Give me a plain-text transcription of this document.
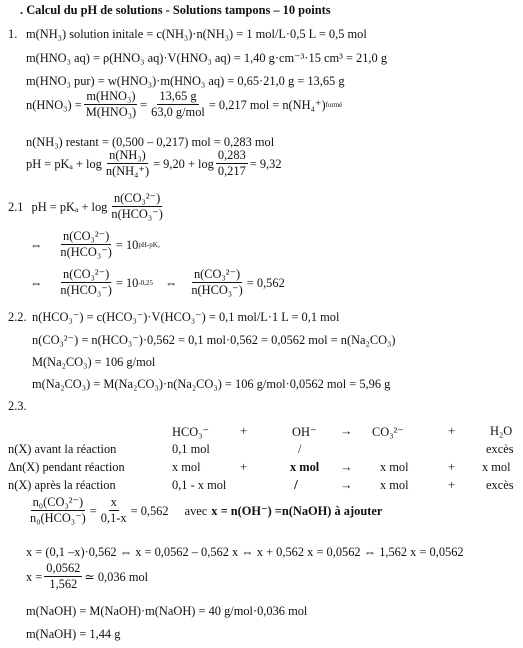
. Calcul du pH de solutions - Solutions tampons – 10 points
1. m(NH₃) solution initale = c(NH₃)·n(NH₃) = 1 mol/L·0,5 L = 0,5 mol
m(HNO₃ aq) = ρ(HNO₃ aq)·V(HNO₃ aq) = 1,40 g·cm⁻³·15 cm³ = 21,0 g
m(HNO₃ pur) = w(HNO₃)·m(HNO₃ aq) = 0,65·21,0 g = 13,65 g
n(HNO₃) =
m(HNO₃)
M(HNO₃)
=
13,65 g
63,0 g/mol
= 0,217 mol = n(NH₄⁺) formé
n(NH₃) restant = (0,500 – 0,217) mol = 0,283 mol
pH = $pK_a + \log \frac{\text{n(NH₃)}}{\text{n(NH₄⁺)}} = 9,20 + \log \frac{0,283}{0,217} = 9,32$
2.1 pH = pKₐ + log
n(CO₃²⁻)
n(HCO₃⁻)
⇔
n(CO₃²⁻)
n(HCO₃⁻)
= 10 pH-pKₐ
⇔
n(CO₃²⁻)
n(HCO₃⁻)
= 10 -0,25 ⇔
n(CO₃²⁻)
n(HCO₃⁻)
= 0,562
2.2. n(HCO₃⁻) = c(HCO₃⁻)·V(HCO₃⁻) = 0,1 mol/L·1 L = 0,1 mol
n(CO₃²⁻) = n(HCO₃⁻)·0,562 = 0,1 mol·0,562 = 0,0562 mol = n(Na₂CO₃)
M(Na₂CO₃) = 106 g/mol
m(Na₂CO₃) = M(Na₂CO₃)·n(Na₂CO₃) = 106 g/mol·0,0562 mol = 5,96 g
2.3.
HCO₃⁻ +	OH⁻ → CO₃²⁻	+	H₂O
n(X) avant la réaction	0,1 mol	/	excès
Δn(X) pendant réaction	x mol	+	x mol → x mol	+ x mol
n(X) après la réaction	0,1 - x mol	/	→ x mol	+	excès
n₀(CO₃²⁻)
n₀(HCO₃⁻)
= $\frac{x}{0,1-x} = 0,562$ avec x = n(OH⁻) =n(NaOH) à ajouter
x = (0,1 –x)·0,562 ⇔ x = 0,0562 – 0,562 x ⇔ x + 0,562 x = 0,0562 ⇔ 1,562 x = 0,0562
$x = \frac{0,0562}{1,562}$ ≃ 0,036 mol
m(NaOH) = M(NaOH)·m(NaOH) = 40 g/mol·0,036 mol
m(NaOH) = 1,44 g
